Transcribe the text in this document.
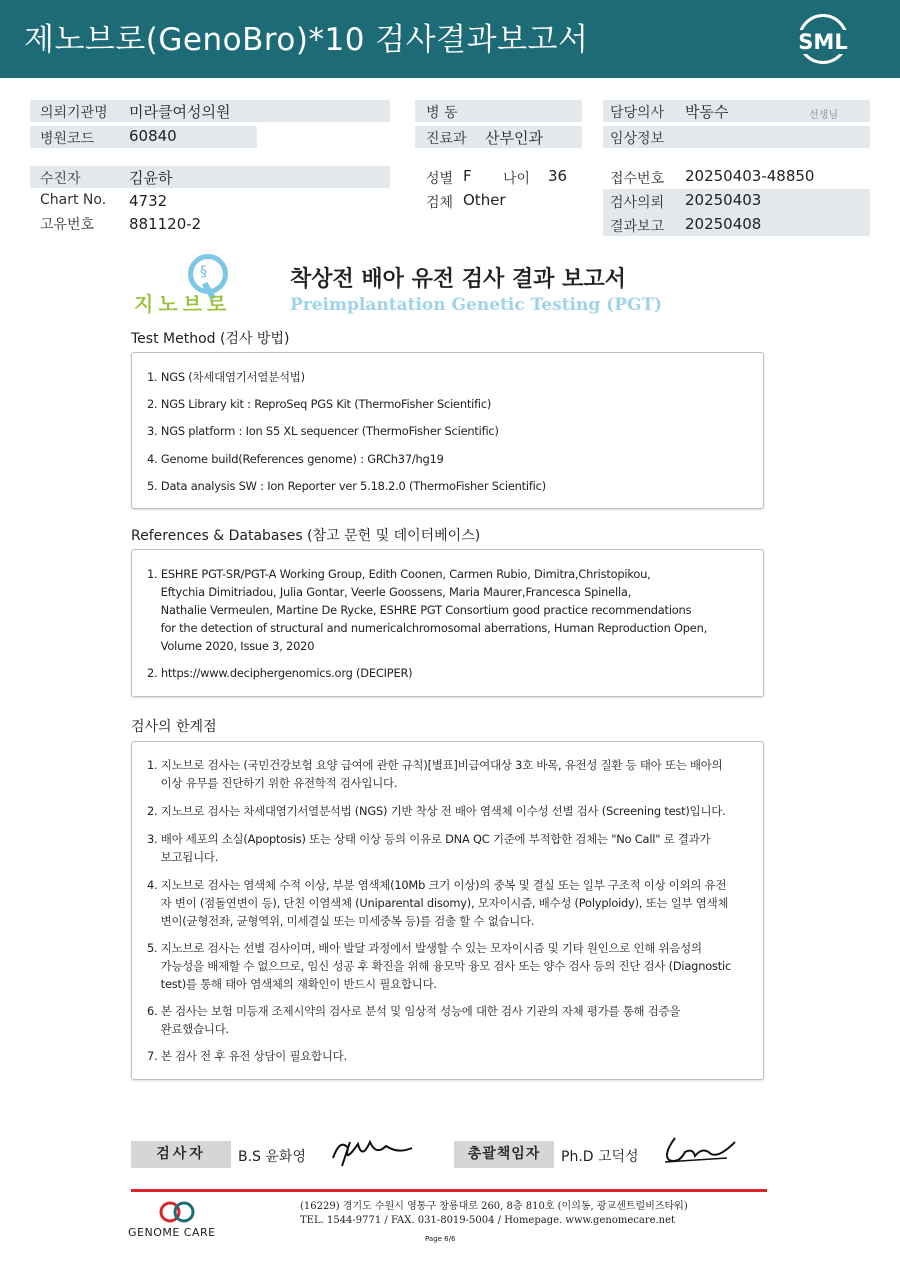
제노브로(GenoBro)*10 검사결과보고서	SML
의뢰기관명 미라클여성의원
병원코드 60840
병 동
진료과 산부인과
담당의사 박동수	선생님
임상정보
수진자	김윤하
Chart No. 4732
고유번호 881120-2
성별 F 나이 36
검체 Other
접수번호 20250403-48850
검사의뢰 20250403
결과보고 20250408
§
지노브로
착상전 배아 유전 검사 결과 보고서
Preimplantation Genetic Testing (PGT)
Test Method (검사 방법)
1. NGS (차세대염기서열분석법)
2. NGS Library kit : ReproSeq PGS Kit (ThermoFisher Scientific)
3. NGS platform : Ion S5 XL sequencer (ThermoFisher Scientific)
4. Genome build(References genome) : GRCh37/hg19
5. Data analysis SW : Ion Reporter ver 5.18.2.0 (ThermoFisher Scientific)
References & Databases (참고 문헌 및 데이터베이스)
1. ESHRE PGT-SR/PGT-A Working Group, Edith Coonen, Carmen Rubio, Dimitra,Christopikou,
Eftychia Dimitriadou, Julia Gontar, Veerle Goossens, Maria Maurer,Francesca Spinella,
Nathalie Vermeulen, Martine De Rycke, ESHRE PGT Consortium good practice recommendations
for the detection of structural and numericalchromosomal aberrations, Human Reproduction Open,
Volume 2020, Issue 3, 2020
2. https://www.deciphergenomics.org (DECIPER)
검사의 한계점
1. 지노브로 검사는 (국민건강보험 요양 급여에 관한 규칙)[별표]비급여대상 3호 바목, 유전성 질환 등 태아 또는 배아의
이상 유무를 진단하기 위한 유전학적 검사입니다.
2. 지노브로 검사는 차세대염기서열분석법 (NGS) 기반 착상 전 배아 염색체 이수성 선별 검사 (Screening test)입니다.
3. 배아 세포의 소실(Apoptosis) 또는 상태 이상 등의 이유로 DNA QC 기준에 부적합한 검체는 "No Call" 로 결과가
보고됩니다.
4. 지노브로 검사는 염색체 수적 이상, 부분 염색체(10Mb 크기 이상)의 중복 및 결실 또는 일부 구조적 이상 이외의 유전
자 변이 (점돌연변이 등), 단친 이염색체 (Uniparental disomy), 모자이시즘, 배수성 (Polyploidy), 또는 일부 염색체
변이(균형전좌, 균형역위, 미세결실 또는 미세중복 등)를 검출 할 수 없습니다.
5. 지노브로 검사는 선별 검사이며, 배아 발달 과정에서 발생할 수 있는 모자이시즘 및 기타 원인으로 인해 위음성의
가능성을 배제할 수 없으므로, 임신 성공 후 확진을 위해 융모막 융모 검사 또는 양수 검사 등의 진단 검사 (Diagnostic
test)를 통해 태아 염색체의 재확인이 반드시 필요합니다.
6. 본 검사는 보험 미등재 조제시약의 검사로 분석 및 임상적 성능에 대한 검사 기관의 자체 평가를 통해 검증을
완료했습니다.
7. 본 검사 전 후 유전 상담이 필요합니다.
검사자	B.S 윤화영	총괄책임자	Ph.D 고덕성
GENOME CARE
(16229) 경기도 수원시 영통구 창룡대로 260, 8층 810호 (이의동, 광교센트럴비즈타워)
TEL. 1544-9771 / FAX. 031-8019-5004 / Homepage. www.genomecare.net
Page 6/6
